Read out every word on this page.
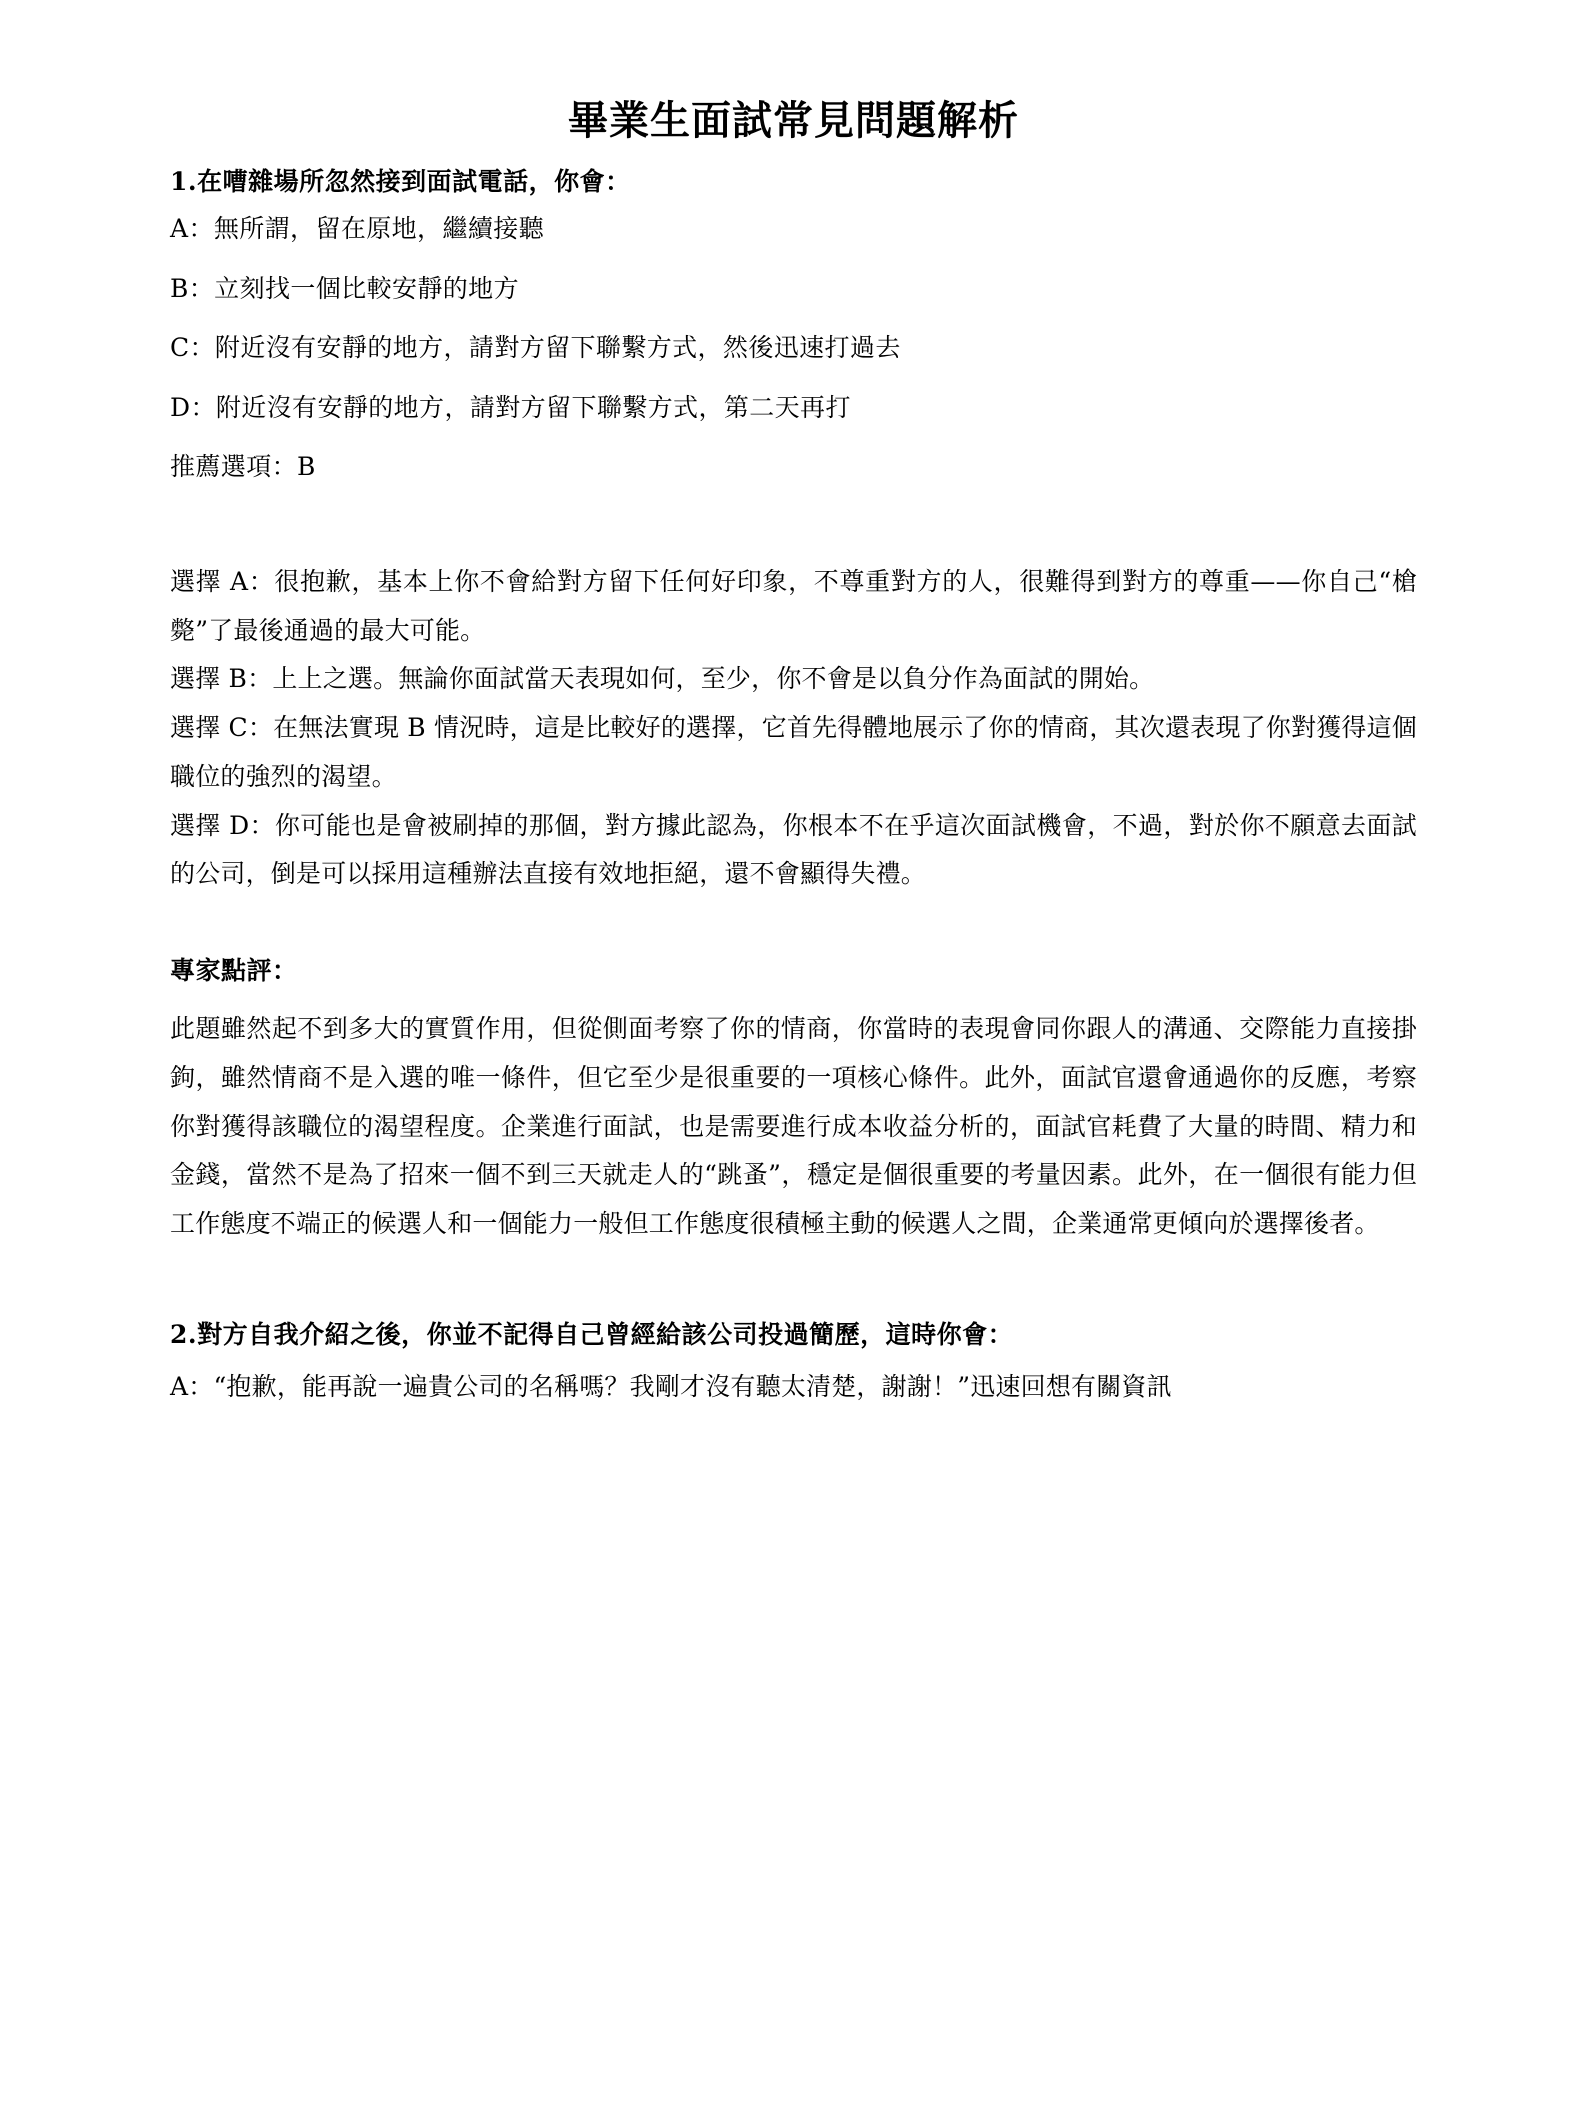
畢業生面試常見問題解析
1.在嘈雜場所忽然接到面試電話，你會：
A：無所謂，留在原地，繼續接聽
B：立刻找一個比較安靜的地方
C：附近沒有安靜的地方，請對方留下聯繫方式，然後迅速打過去
D：附近沒有安靜的地方，請對方留下聯繫方式，第二天再打
推薦選項：B
選擇 A：很抱歉，基本上你不會給對方留下任何好印象，不尊重對方的人，很難得到對方的尊重——你自己“槍斃”了最後通過的最大可能。
選擇 B：上上之選。無論你面試當天表現如何，至少，你不會是以負分作為面試的開始。
選擇 C：在無法實現 B 情況時，這是比較好的選擇，它首先得體地展示了你的情商，其次還表現了你對獲得這個職位的強烈的渴望。
選擇 D：你可能也是會被刷掉的那個，對方據此認為，你根本不在乎這次面試機會，不過，對於你不願意去面試的公司，倒是可以採用這種辦法直接有效地拒絕，還不會顯得失禮。
專家點評：
此題雖然起不到多大的實質作用，但從側面考察了你的情商，你當時的表現會同你跟人的溝通、交際能力直接掛鉤，雖然情商不是入選的唯一條件，但它至少是很重要的一項核心條件。此外，面試官還會通過你的反應，考察你對獲得該職位的渴望程度。企業進行面試，也是需要進行成本收益分析的，面試官耗費了大量的時間、精力和金錢，當然不是為了招來一個不到三天就走人的“跳蚤”，穩定是個很重要的考量因素。此外，在一個很有能力但工作態度不端正的候選人和一個能力一般但工作態度很積極主動的候選人之間，企業通常更傾向於選擇後者。
2.對方自我介紹之後，你並不記得自己曾經給該公司投過簡歷，這時你會：
A：“抱歉，能再說一遍貴公司的名稱嗎？我剛才沒有聽太清楚，謝謝！”迅速回想有關資訊
